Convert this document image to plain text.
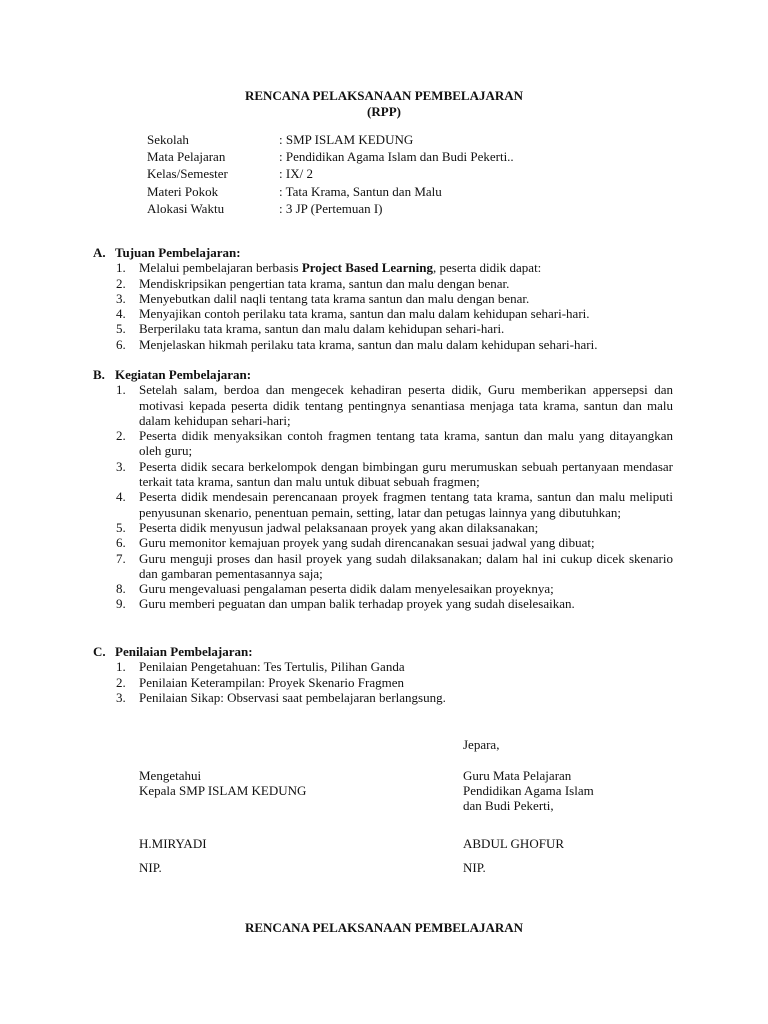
RENCANA PELAKSANAAN PEMBELAJARAN
(RPP)
Sekolah	: SMP ISLAM KEDUNG
Mata Pelajaran	: Pendidikan Agama Islam dan Budi Pekerti..
Kelas/Semester	: IX/ 2
Materi Pokok	: Tata Krama, Santun dan Malu
Alokasi Waktu	: 3 JP (Pertemuan I)
A. Tujuan Pembelajaran:
1. Melalui pembelajaran berbasis Project Based Learning, peserta didik dapat:
2. Mendiskripsikan pengertian tata krama, santun dan malu dengan benar.
3. Menyebutkan dalil naqli tentang tata krama santun dan malu dengan benar.
4. Menyajikan contoh perilaku tata krama, santun dan malu dalam kehidupan sehari-hari.
5. Berperilaku tata krama, santun dan malu dalam kehidupan sehari-hari.
6. Menjelaskan hikmah perilaku tata krama, santun dan malu dalam kehidupan sehari-hari.
B. Kegiatan Pembelajaran:
1. Setelah salam, berdoa dan mengecek kehadiran peserta didik, Guru memberikan appersepsi dan motivasi kepada peserta didik tentang pentingnya senantiasa menjaga tata krama, santun dan malu dalam kehidupan sehari-hari;
2. Peserta didik menyaksikan contoh fragmen tentang tata krama, santun dan malu yang ditayangkan oleh guru;
3. Peserta didik secara berkelompok dengan bimbingan guru merumuskan sebuah pertanyaan mendasar terkait tata krama, santun dan malu untuk dibuat sebuah fragmen;
4. Peserta didik mendesain perencanaan proyek fragmen tentang tata krama, santun dan malu meliputi penyusunan skenario, penentuan pemain, setting, latar dan petugas lainnya yang dibutuhkan;
5. Peserta didik menyusun jadwal pelaksanaan proyek yang akan dilaksanakan;
6. Guru memonitor kemajuan proyek yang sudah direncanakan sesuai jadwal yang dibuat;
7. Guru menguji proses dan hasil proyek yang sudah dilaksanakan; dalam hal ini cukup dicek skenario dan gambaran pementasannya saja;
8. Guru mengevaluasi pengalaman peserta didik dalam menyelesaikan proyeknya;
9. Guru memberi peguatan dan umpan balik terhadap proyek yang sudah diselesaikan.
C. Penilaian Pembelajaran:
1. Penilaian Pengetahuan: Tes Tertulis, Pilihan Ganda
2. Penilaian Keterampilan: Proyek Skenario Fragmen
3. Penilaian Sikap: Observasi saat pembelajaran berlangsung.
Jepara,
Mengetahui
Kepala SMP ISLAM KEDUNG
Guru Mata Pelajaran
Pendidikan Agama Islam
dan Budi Pekerti,
H.MIRYADI	ABDUL GHOFUR
NIP.	NIP.
RENCANA PELAKSANAAN PEMBELAJARAN
